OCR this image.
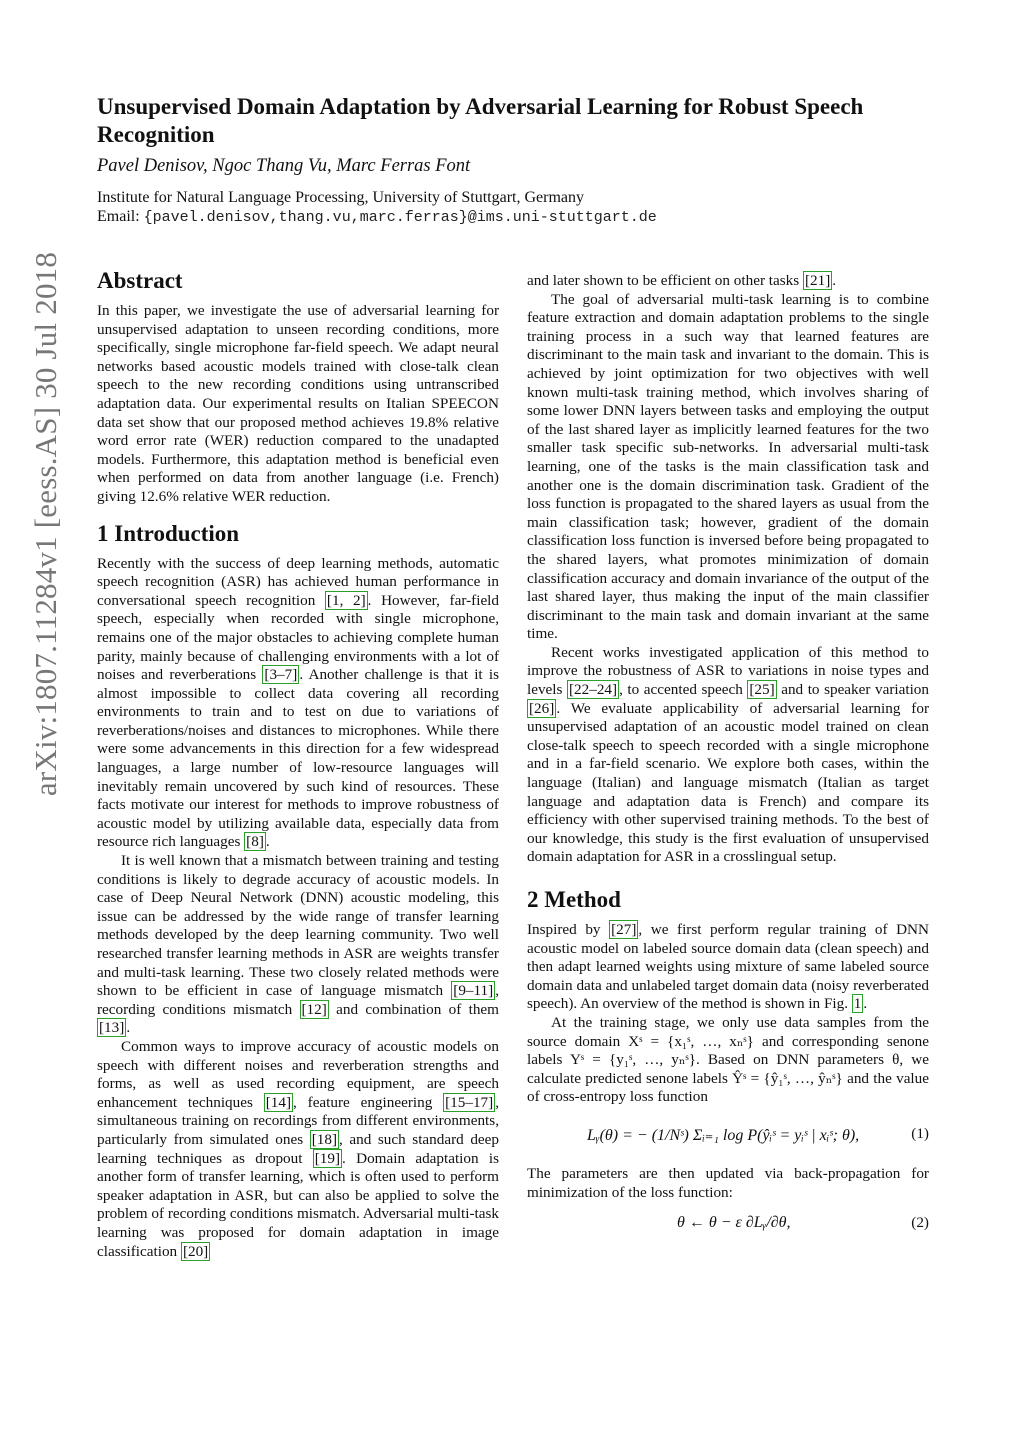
Unsupervised Domain Adaptation by Adversarial Learning for Robust Speech Recognition
Pavel Denisov, Ngoc Thang Vu, Marc Ferras Font
Institute for Natural Language Processing, University of Stuttgart, Germany
Email: {pavel.denisov,thang.vu,marc.ferras}@ims.uni-stuttgart.de
arXiv:1807.11284v1 [eess.AS] 30 Jul 2018	Abstract

In this paper, we investigate the use of adversarial learning for unsupervised adaptation to unseen recording conditions, more specifically, single microphone far-field speech. We adapt neural networks based acoustic models trained with close-talk clean speech to the new recording conditions using untranscribed adaptation data. Our experimental results on Italian SPEECON data set show that our proposed method achieves 19.8% relative word error rate (WER) reduction compared to the unadapted models. Furthermore, this adaptation method is beneficial even when performed on data from another language (i.e. French) giving 12.6% relative WER reduction.

1 Introduction

Recently with the success of deep learning methods, automatic speech recognition (ASR) has achieved human performance in conversational speech recognition [1, 2] . However, far-field speech, especially when recorded with single microphone, remains one of the major obstacles to achieving complete human parity, mainly because of challenging environments with a lot of noises and reverberations [3–7] . Another challenge is that it is almost impossible to collect data covering all recording environments to train and to test on due to variations of reverberations/noises and distances to microphones. While there were some advancements in this direction for a few widespread languages, a large number of low-resource languages will inevitably remain uncovered by such kind of resources. These facts motivate our interest for methods to improve robustness of acoustic model by utilizing available data, especially data from resource rich languages [8] .

It is well known that a mismatch between training and testing conditions is likely to degrade accuracy of acoustic models. In case of Deep Neural Network (DNN) acoustic modeling, this issue can be addressed by the wide range of transfer learning methods developed by the deep learning community. Two well researched transfer learning methods in ASR are weights transfer and multi-task learning. These two closely related methods were shown to be efficient in case of language mismatch [9–11] , recording conditions mismatch [12] and combination of them [13] .

Common ways to improve accuracy of acoustic models on speech with different noises and reverberation strengths and forms, as well as used recording equipment, are speech enhancement techniques [14] , feature engineering [15–17] , simultaneous training on recordings from different environments, particularly from simulated ones [18] , and such standard deep learning techniques as dropout [19] . Domain adaptation is another form of transfer learning, which is often used to perform speaker adaptation in ASR, but can also be applied to solve the problem of recording conditions mismatch. Adversarial multi-task learning was proposed for domain adaptation in image classification [20]

and later shown to be efficient on other tasks [21] .

The goal of adversarial multi-task learning is to combine feature extraction and domain adaptation problems to the single training process in a such way that learned features are discriminant to the main task and invariant to the domain. This is achieved by joint optimization for two objectives with well known multi-task training method, which involves sharing of some lower DNN layers between tasks and employing the output of the last shared layer as implicitly learned features for the two smaller task specific sub-networks. In adversarial multi-task learning, one of the tasks is the main classification task and another one is the domain discrimination task. Gradient of the loss function is propagated to the shared layers as usual from the main classification task; however, gradient of the domain classification loss function is inversed before being propagated to the shared layers, what promotes minimization of domain classification accuracy and domain invariance of the output of the last shared layer, thus making the input of the main classifier discriminant to the main task and domain invariant at the same time.

Recent works investigated application of this method to improve the robustness of ASR to variations in noise types and levels [22–24] , to accented speech [25] and to speaker variation [26] . We evaluate applicability of adversarial learning for unsupervised adaptation of an acoustic model trained on clean close-talk speech to speech recorded with a single microphone and in a far-field scenario. We explore both cases, within the language (Italian) and language mismatch (Italian as target language and adaptation data is French) and compare its efficiency with other supervised training methods. To the best of our knowledge, this study is the first evaluation of unsupervised domain adaptation for ASR in a crosslingual setup.

2 Method

Inspired by [27] , we first perform regular training of DNN acoustic model on labeled source domain data (clean speech) and then adapt learned weights using mixture of same labeled source domain data and unlabeled target domain data (noisy reverberated speech). An overview of the method is shown in Fig. 1 .

At the training stage, we only use data samples from the source domain Xˢ = {x₁ˢ, …, xₙˢ} and corresponding senone labels Yˢ = {y₁ˢ, …, yₙˢ}. Based on DNN parameters θ, we calculate predicted senone labels Ŷˢ = {ŷ₁ˢ, …, ŷₙˢ} and the value of cross-entropy loss function

Lᵧ(θ) = − (1/Nˢ) Σᵢ₌₁ log P(ŷᵢˢ = yᵢˢ | xᵢˢ; θ),	(1)

The parameters are then updated via back-propagation for minimization of the loss function:

θ ← θ − ε ∂Lᵧ/∂θ,	(2)
